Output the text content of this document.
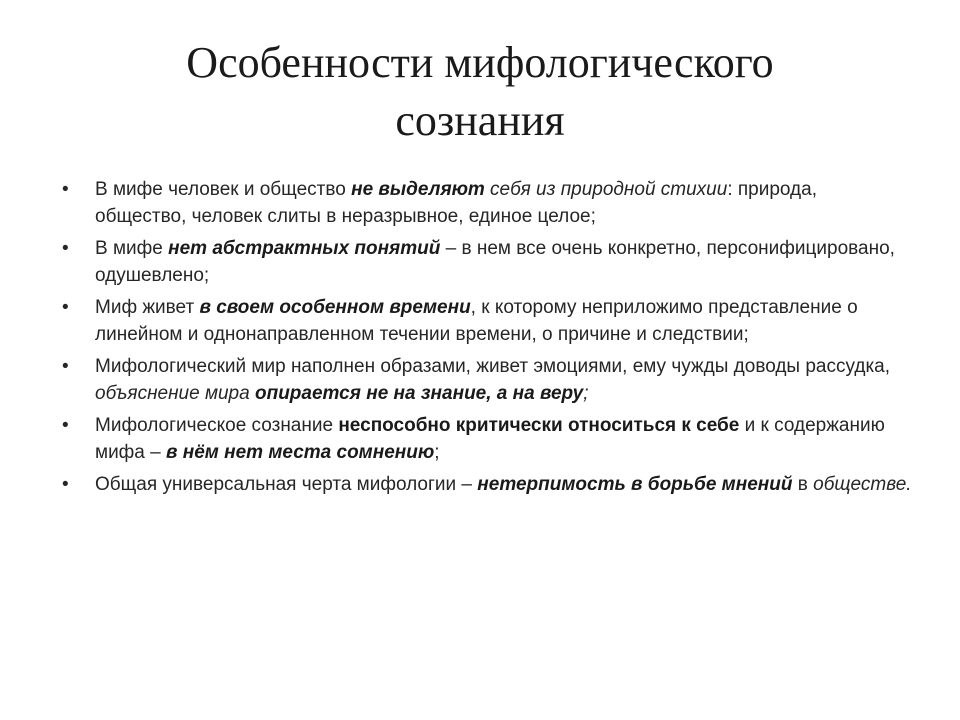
Особенности мифологического сознания
• В мифе человек и общество не выделяют себя из природной стихии: природа, общество, человек слиты в неразрывное, единое целое;
• В мифе нет абстрактных понятий – в нем все очень конкретно, персонифицировано, одушевлено;
• Миф живет в своем особенном времени, к которому неприложимо представление о линейном и однонаправленном течении времени, о причине и следствии;
• Мифологический мир наполнен образами, живет эмоциями, ему чужды доводы рассудка, объяснение мира опирается не на знание, а на веру;
• Мифологическое сознание неспособно критически относиться к себе и к содержанию мифа – в нём нет места сомнению;
• Общая универсальная черта мифологии – нетерпимость в борьбе мнений в обществе.
